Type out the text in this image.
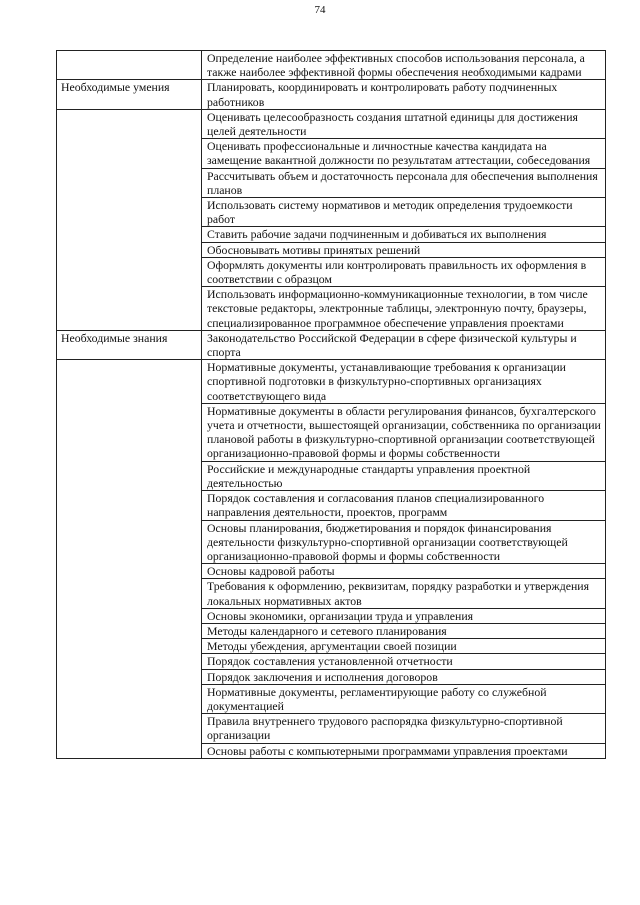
74
	Определение наиболее эффективных способов использования персонала, а также наиболее эффективной формы обеспечения необходимыми кадрами
Необходимые умения	Планировать, координировать и контролировать работу подчиненных работников
	Оценивать целесообразность создания штатной единицы для достижения целей деятельности
	Оценивать профессиональные и личностные качества кандидата на замещение вакантной должности по результатам аттестации, собеседования
	Рассчитывать объем и достаточность персонала для обеспечения выполнения планов
	Использовать систему нормативов и методик определения трудоемкости работ
	Ставить рабочие задачи подчиненным и добиваться их выполнения
	Обосновывать мотивы принятых решений
	Оформлять документы или контролировать правильность их оформления в соответствии с образцом
	Использовать информационно-коммуникационные технологии, в том числе текстовые редакторы, электронные таблицы, электронную почту, браузеры, специализированное программное обеспечение управления проектами
Необходимые знания	Законодательство Российской Федерации в сфере физической культуры и спорта
	Нормативные документы, устанавливающие требования к организации спортивной подготовки в физкультурно-спортивных организациях соответствующего вида
	Нормативные документы в области регулирования финансов, бухгалтерского учета и отчетности, вышестоящей организации, собственника по организации плановой работы в физкультурно-спортивной организации соответствующей организационно-правовой формы и формы собственности
	Российские и международные стандарты управления проектной деятельностью
	Порядок составления и согласования планов специализированного направления деятельности, проектов, программ
	Основы планирования, бюджетирования и порядок финансирования деятельности физкультурно-спортивной организации соответствующей организационно-правовой формы и формы собственности
	Основы кадровой работы
	Требования к оформлению, реквизитам, порядку разработки и утверждения локальных нормативных актов
	Основы экономики, организации труда и управления
	Методы календарного и сетевого планирования
	Методы убеждения, аргументации своей позиции
	Порядок составления установленной отчетности
	Порядок заключения и исполнения договоров
	Нормативные документы, регламентирующие работу со служебной документацией
	Правила внутреннего трудового распорядка физкультурно-спортивной организации
	Основы работы с компьютерными программами управления проектами
